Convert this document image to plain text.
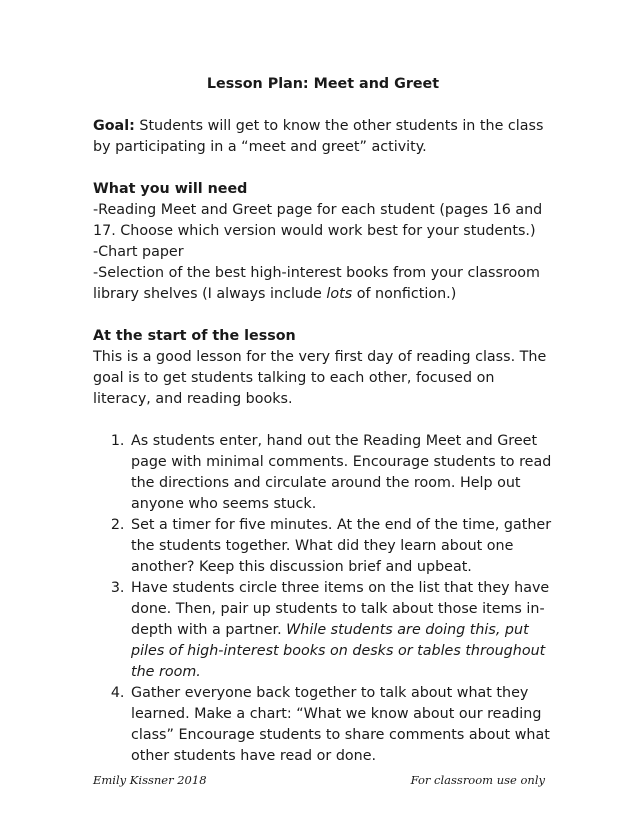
Lesson Plan: Meet and Greet

Goal: Students will get to know the other students in the class by participating in a “meet and greet” activity.

What you will need

-Reading Meet and Greet page for each student (pages 16 and 17. Choose which version would work best for your students.)

-Chart paper

-Selection of the best high-interest books from your classroom library shelves (I always include lots of nonfiction.)

At the start of the lesson

This is a good lesson for the very first day of reading class. The goal is to get students talking to each other, focused on literacy, and reading books.

1. As students enter, hand out the Reading Meet and Greet page with minimal comments. Encourage students to read the directions and circulate around the room. Help out anyone who seems stuck.
2. Set a timer for five minutes. At the end of the time, gather the students together. What did they learn about one another? Keep this discussion brief and upbeat.
3. Have students circle three items on the list that they have done. Then, pair up students to talk about those items in-depth with a partner. While students are doing this, put piles of high-interest books on desks or tables throughout the room.
4. Gather everyone back together to talk about what they learned. Make a chart: “What we know about our reading class” Encourage students to share comments about what other students have read or done.
Emily Kissner 2018	For classroom use only
